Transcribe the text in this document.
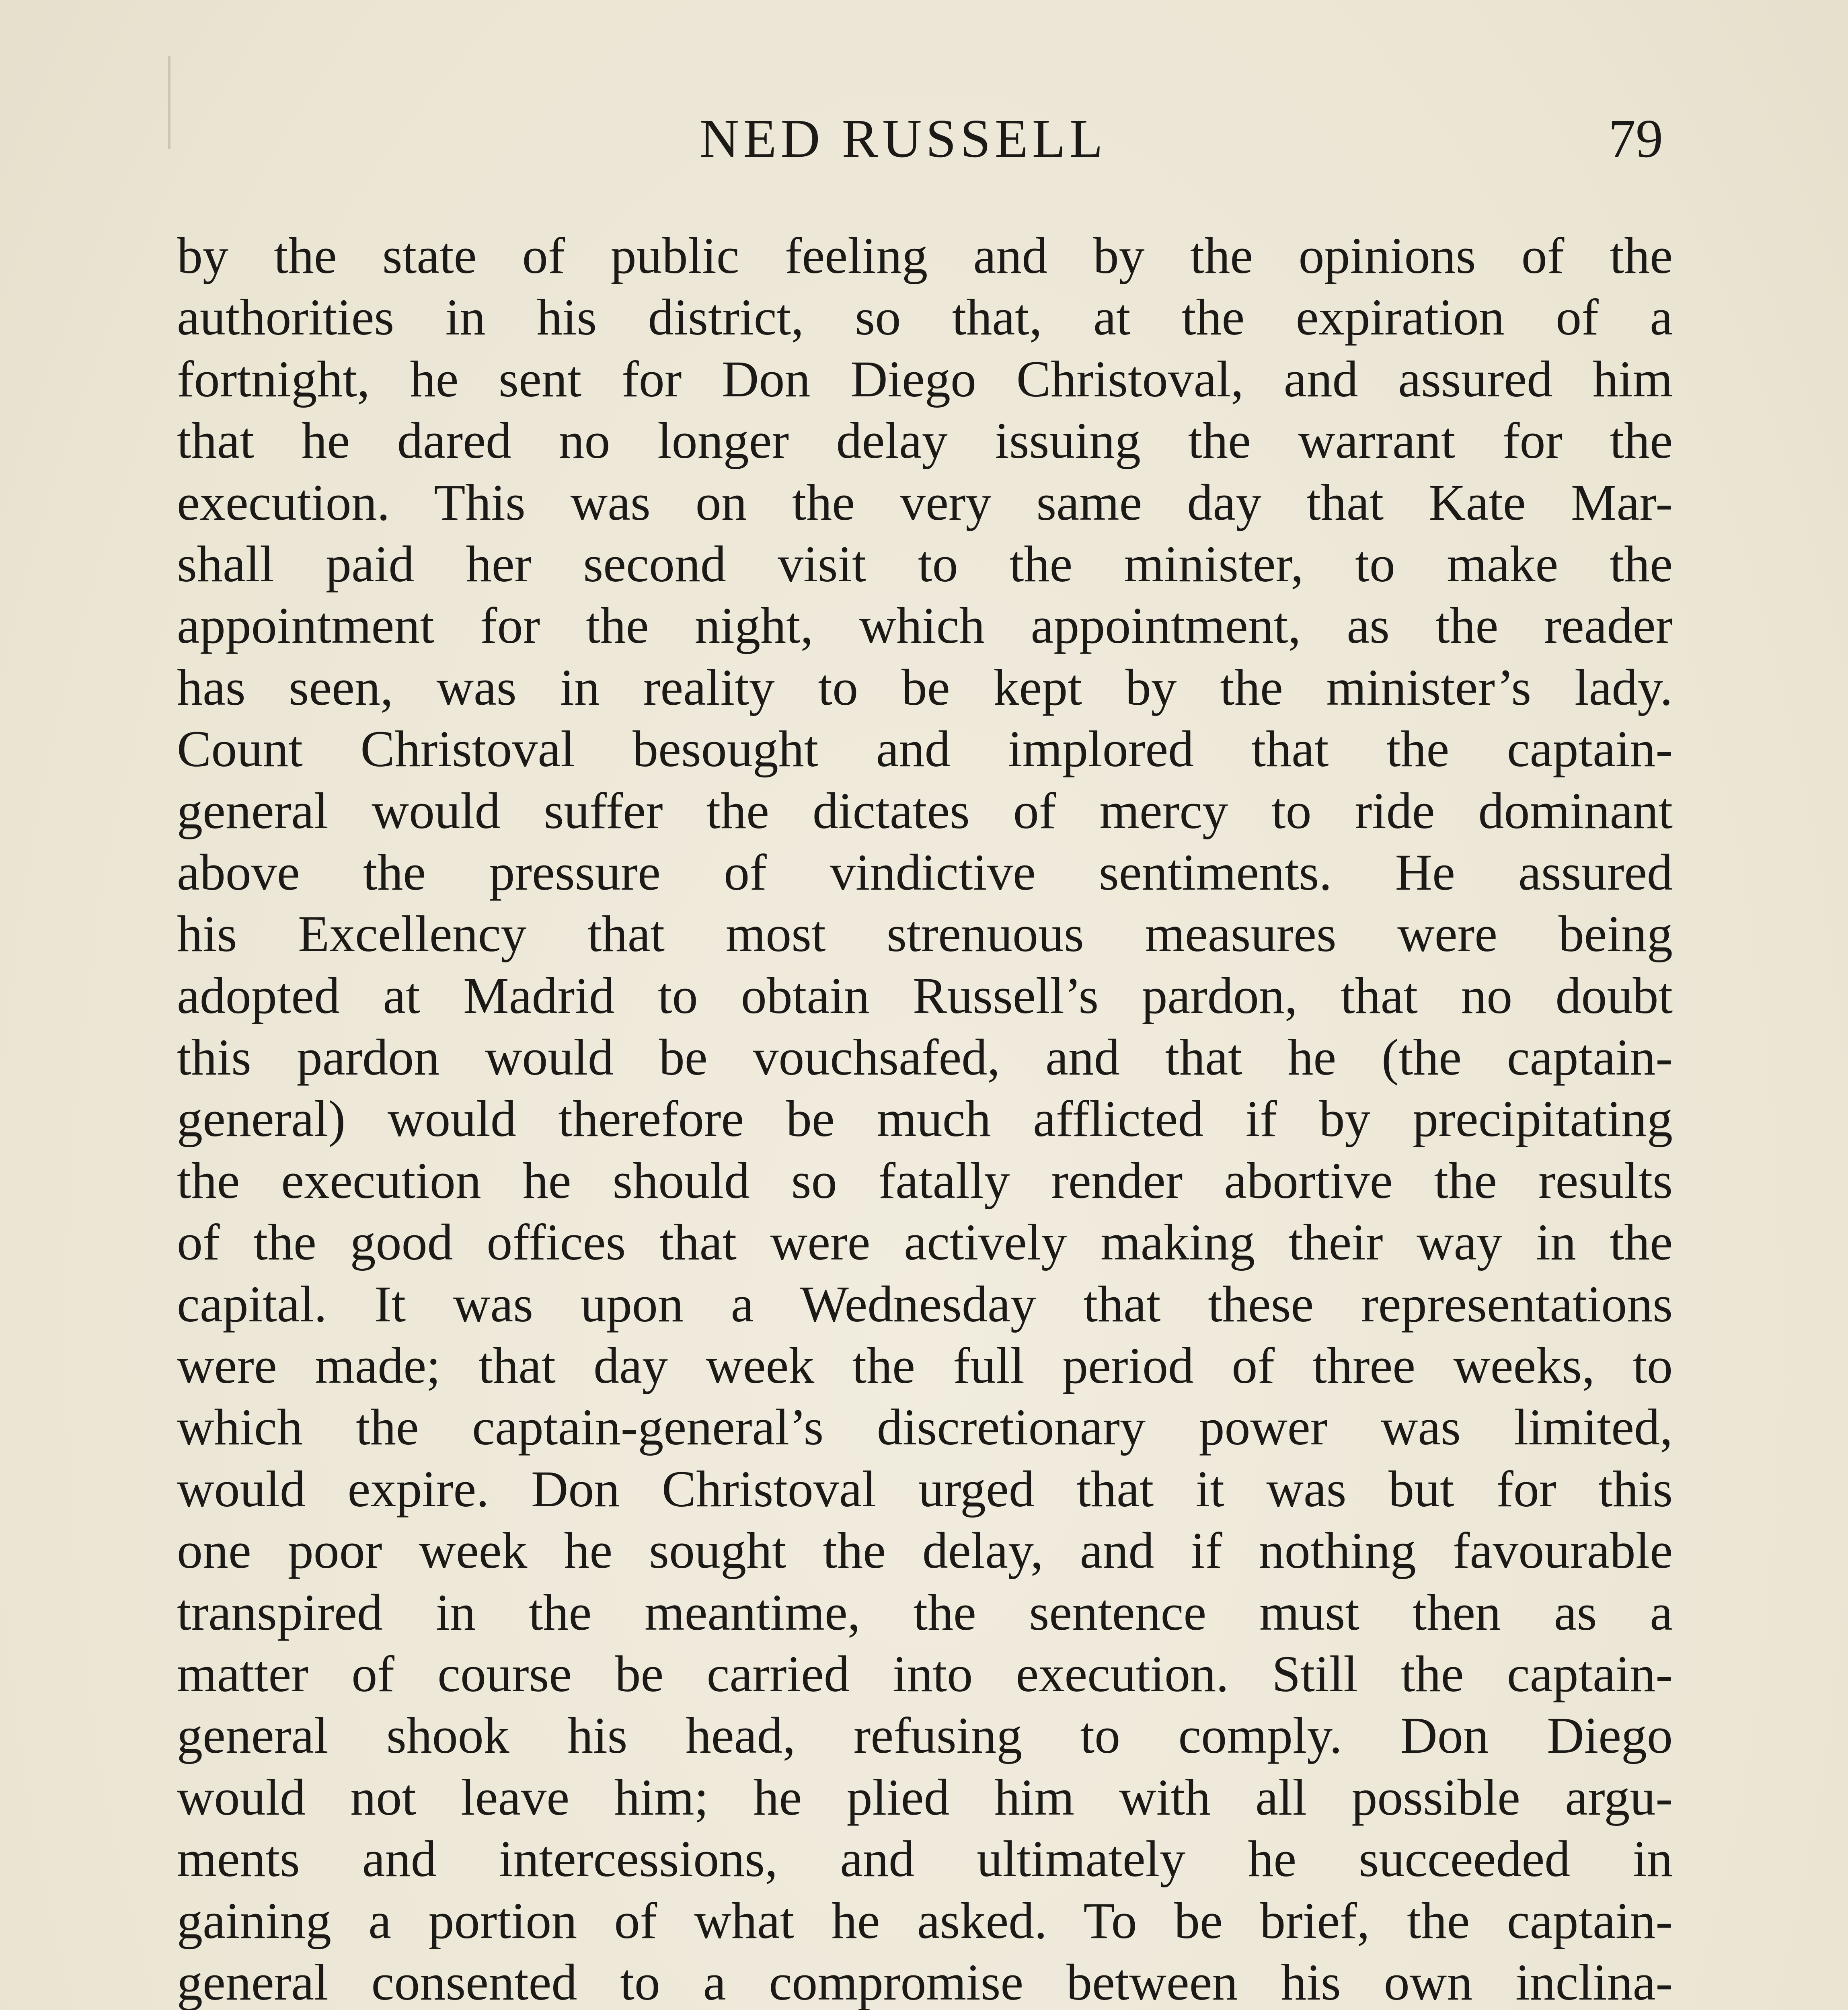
NED RUSSELL	79
by the state of public feeling and by the opinions of the
authorities in his district, so that, at the expiration of a
fortnight, he sent for Don Diego Christoval, and assured him
that he dared no longer delay issuing the warrant for the
execution. This was on the very same day that Kate Mar-
shall paid her second visit to the minister, to make the
appointment for the night, which appointment, as the reader
has seen, was in reality to be kept by the minister’s lady.
Count Christoval besought and implored that the captain-
general would suffer the dictates of mercy to ride dominant
above the pressure of vindictive sentiments. He assured
his Excellency that most strenuous measures were being
adopted at Madrid to obtain Russell’s pardon, that no doubt
this pardon would be vouchsafed, and that he (the captain-
general) would therefore be much afflicted if by precipitating
the execution he should so fatally render abortive the results
of the good offices that were actively making their way in the
capital. It was upon a Wednesday that these representations
were made; that day week the full period of three weeks, to
which the captain-general’s discretionary power was limited,
would expire. Don Christoval urged that it was but for this
one poor week he sought the delay, and if nothing favourable
transpired in the meantime, the sentence must then as a
matter of course be carried into execution. Still the captain-
general shook his head, refusing to comply. Don Diego
would not leave him; he plied him with all possible argu-
ments and intercessions, and ultimately he succeeded in
gaining a portion of what he asked. To be brief, the captain-
general consented to a compromise between his own inclina-
